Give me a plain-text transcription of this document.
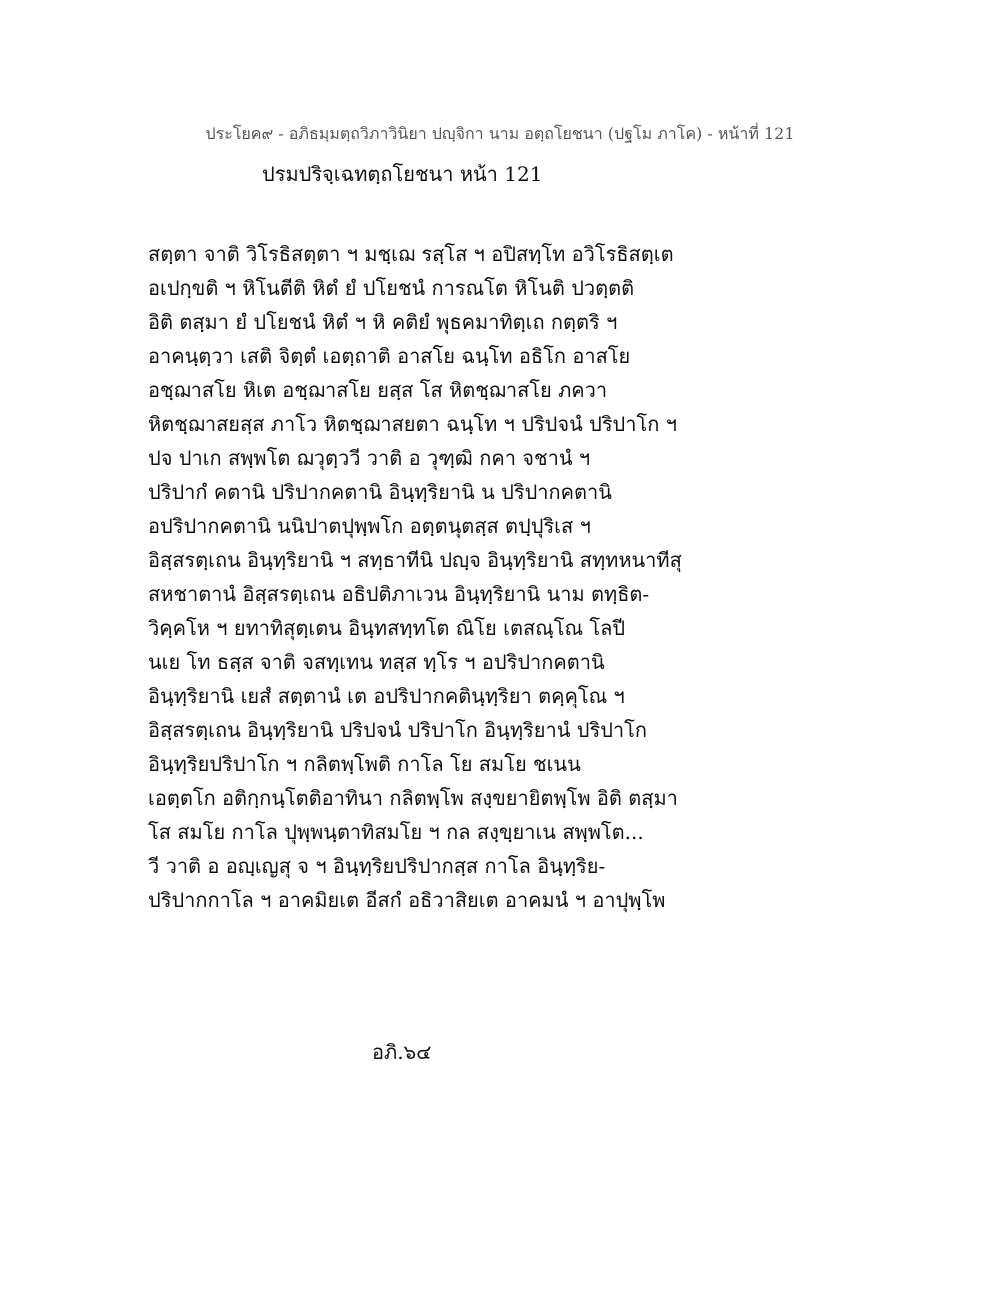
ประโยค๙ - อภิธมฺมตฺถวิภาวินิยา ปญฺจิกา นาม อตฺถโยชนา (ปฐโม ภาโค) - หน้าที่ 121
ปรมปริจฺเฉทตฺถโยชนา หน้า 121
สตฺตา จาติ วิโรธิสตฺตา ฯ มชฺเฌ รสฺโส ฯ อปิสทฺโท อวิโรธิสตฺเต
อเปกฺขติ ฯ หิโนตีติ หิตํ ยํ ปโยชนํ การณโต หิโนติ ปวตฺตติ
อิติ ตสฺมา ยํ ปโยชนํ หิตํ ฯ หิ คติยํ พุธคมาทิตฺเถ กตฺตริ ฯ
อาคนฺตฺวา เสติ จิตฺตํ เอตฺถาติ อาสโย ฉนฺโท อธิโก อาสโย
อชฺฌาสโย หิเต อชฺฌาสโย ยสฺส โส หิตชฺฌาสโย ภควา
หิตชฺฌาสยสฺส ภาโว หิตชฺฌาสยตา ฉนฺโท ฯ ปริปจนํ ปริปาโก ฯ
ปจ ปาเก สพฺพโต ฌวุตฺววี วาติ อ วุฑฺฒิ กคา จชานํ ฯ
ปริปากํ คตานิ ปริปากคตานิ อินฺทฺริยานิ น ปริปากคตานิ
อปริปากคตานิ นนิปาตปุพฺพโก อตฺตนุตสฺส ตปฺปุริเส ฯ
อิสฺสรตฺเถน อินฺทฺริยานิ ฯ สทฺธาทีนิ ปญฺจ อินฺทฺริยานิ สทฺทหนาทีสุ
สหชาตานํ อิสฺสรตฺเถน อธิปติภาเวน อินฺทฺริยานิ นาม ตทฺธิต-
วิคฺคโห ฯ ยทาทิสุตฺเตน อินฺทสทฺทโต ณิโย เตสณฺโณ โลปี
นเย โท ธสฺส จาติ จสทฺเทน ทสฺส ทฺโร ฯ อปริปากคตานิ
อินฺทฺริยานิ เยสํ สตฺตานํ เต อปริปากคตินฺทฺริยา ตคฺคุโณ ฯ
อิสฺสรตฺเถน อินฺทฺริยานิ ปริปจนํ ปริปาโก อินฺทฺริยานํ ปริปาโก
อินฺทฺริยปริปาโก ฯ กลิตพฺโพติ กาโล โย สมโย ชเนน
เอตฺตโก อติกฺกนฺโตติอาทินา กลิตพฺโพ สงฺขยายิตพฺโพ อิติ ตสฺมา
โส สมโย กาโล ปุพฺพนฺตาทิสมโย ฯ กล สงฺขฺยาเน สพฺพโต...
วี วาติ อ อญฺเญสุ จ ฯ อินฺทฺริยปริปากสฺส กาโล อินฺทฺริย-
ปริปากกาโล ฯ อาคมิยเต อีสกํ อธิวาสิยเต อาคมนํ ฯ อาปุพฺโพ
อภิ.๖๔
